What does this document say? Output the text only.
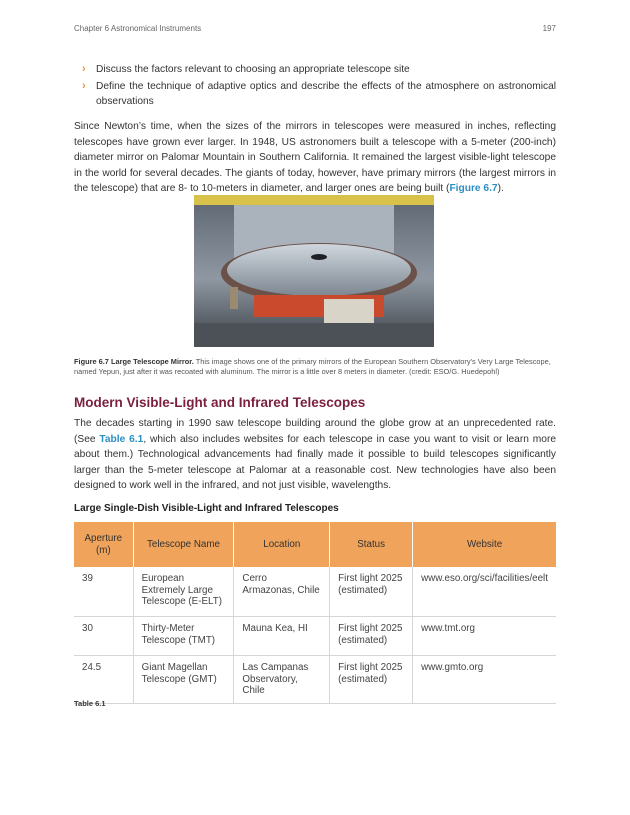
Chapter 6 Astronomical Instruments	197
› Discuss the factors relevant to choosing an appropriate telescope site
› Define the technique of adaptive optics and describe the effects of the atmosphere on astronomical observations

Since Newton’s time, when the sizes of the mirrors in telescopes were measured in inches, reflecting telescopes have grown ever larger. In 1948, US astronomers built a telescope with a 5-meter (200-inch) diameter mirror on Palomar Mountain in Southern California. It remained the largest visible-light telescope in the world for several decades. The giants of today, however, have primary mirrors (the largest mirrors in the telescope) that are 8- to 10-meters in diameter, and larger ones are being built (Figure 6.7).

Figure 6.7 Large Telescope Mirror. This image shows one of the primary mirrors of the European Southern Observatory’s Very Large Telescope, named Yepun, just after it was recoated with aluminum. The mirror is a little over 8 meters in diameter. (credit: ESO/G. Huedepohl)

Modern Visible-Light and Infrared Telescopes

The decades starting in 1990 saw telescope building around the globe grow at an unprecedented rate. (See Table 6.1, which also includes websites for each telescope in case you want to visit or learn more about them.) Technological advancements had finally made it possible to build telescopes significantly larger than the 5-meter telescope at Palomar at a reasonable cost. New technologies have also been designed to work well in the infrared, and not just visible, wavelengths.

Large Single-Dish Visible-Light and Infrared Telescopes

Aperture (m)	Telescope Name	Location	Status	Website
39	European Extremely Large Telescope (E-ELT)	Cerro Armazonas, Chile	First light 2025 (estimated)	www.eso.org/sci/facilities/eelt
30	Thirty-Meter Telescope (TMT)	Mauna Kea, HI	First light 2025 (estimated)	www.tmt.org
24.5	Giant Magellan Telescope (GMT)	Las Campanas Observatory, Chile	First light 2025 (estimated)	www.gmto.org

Table 6.1
